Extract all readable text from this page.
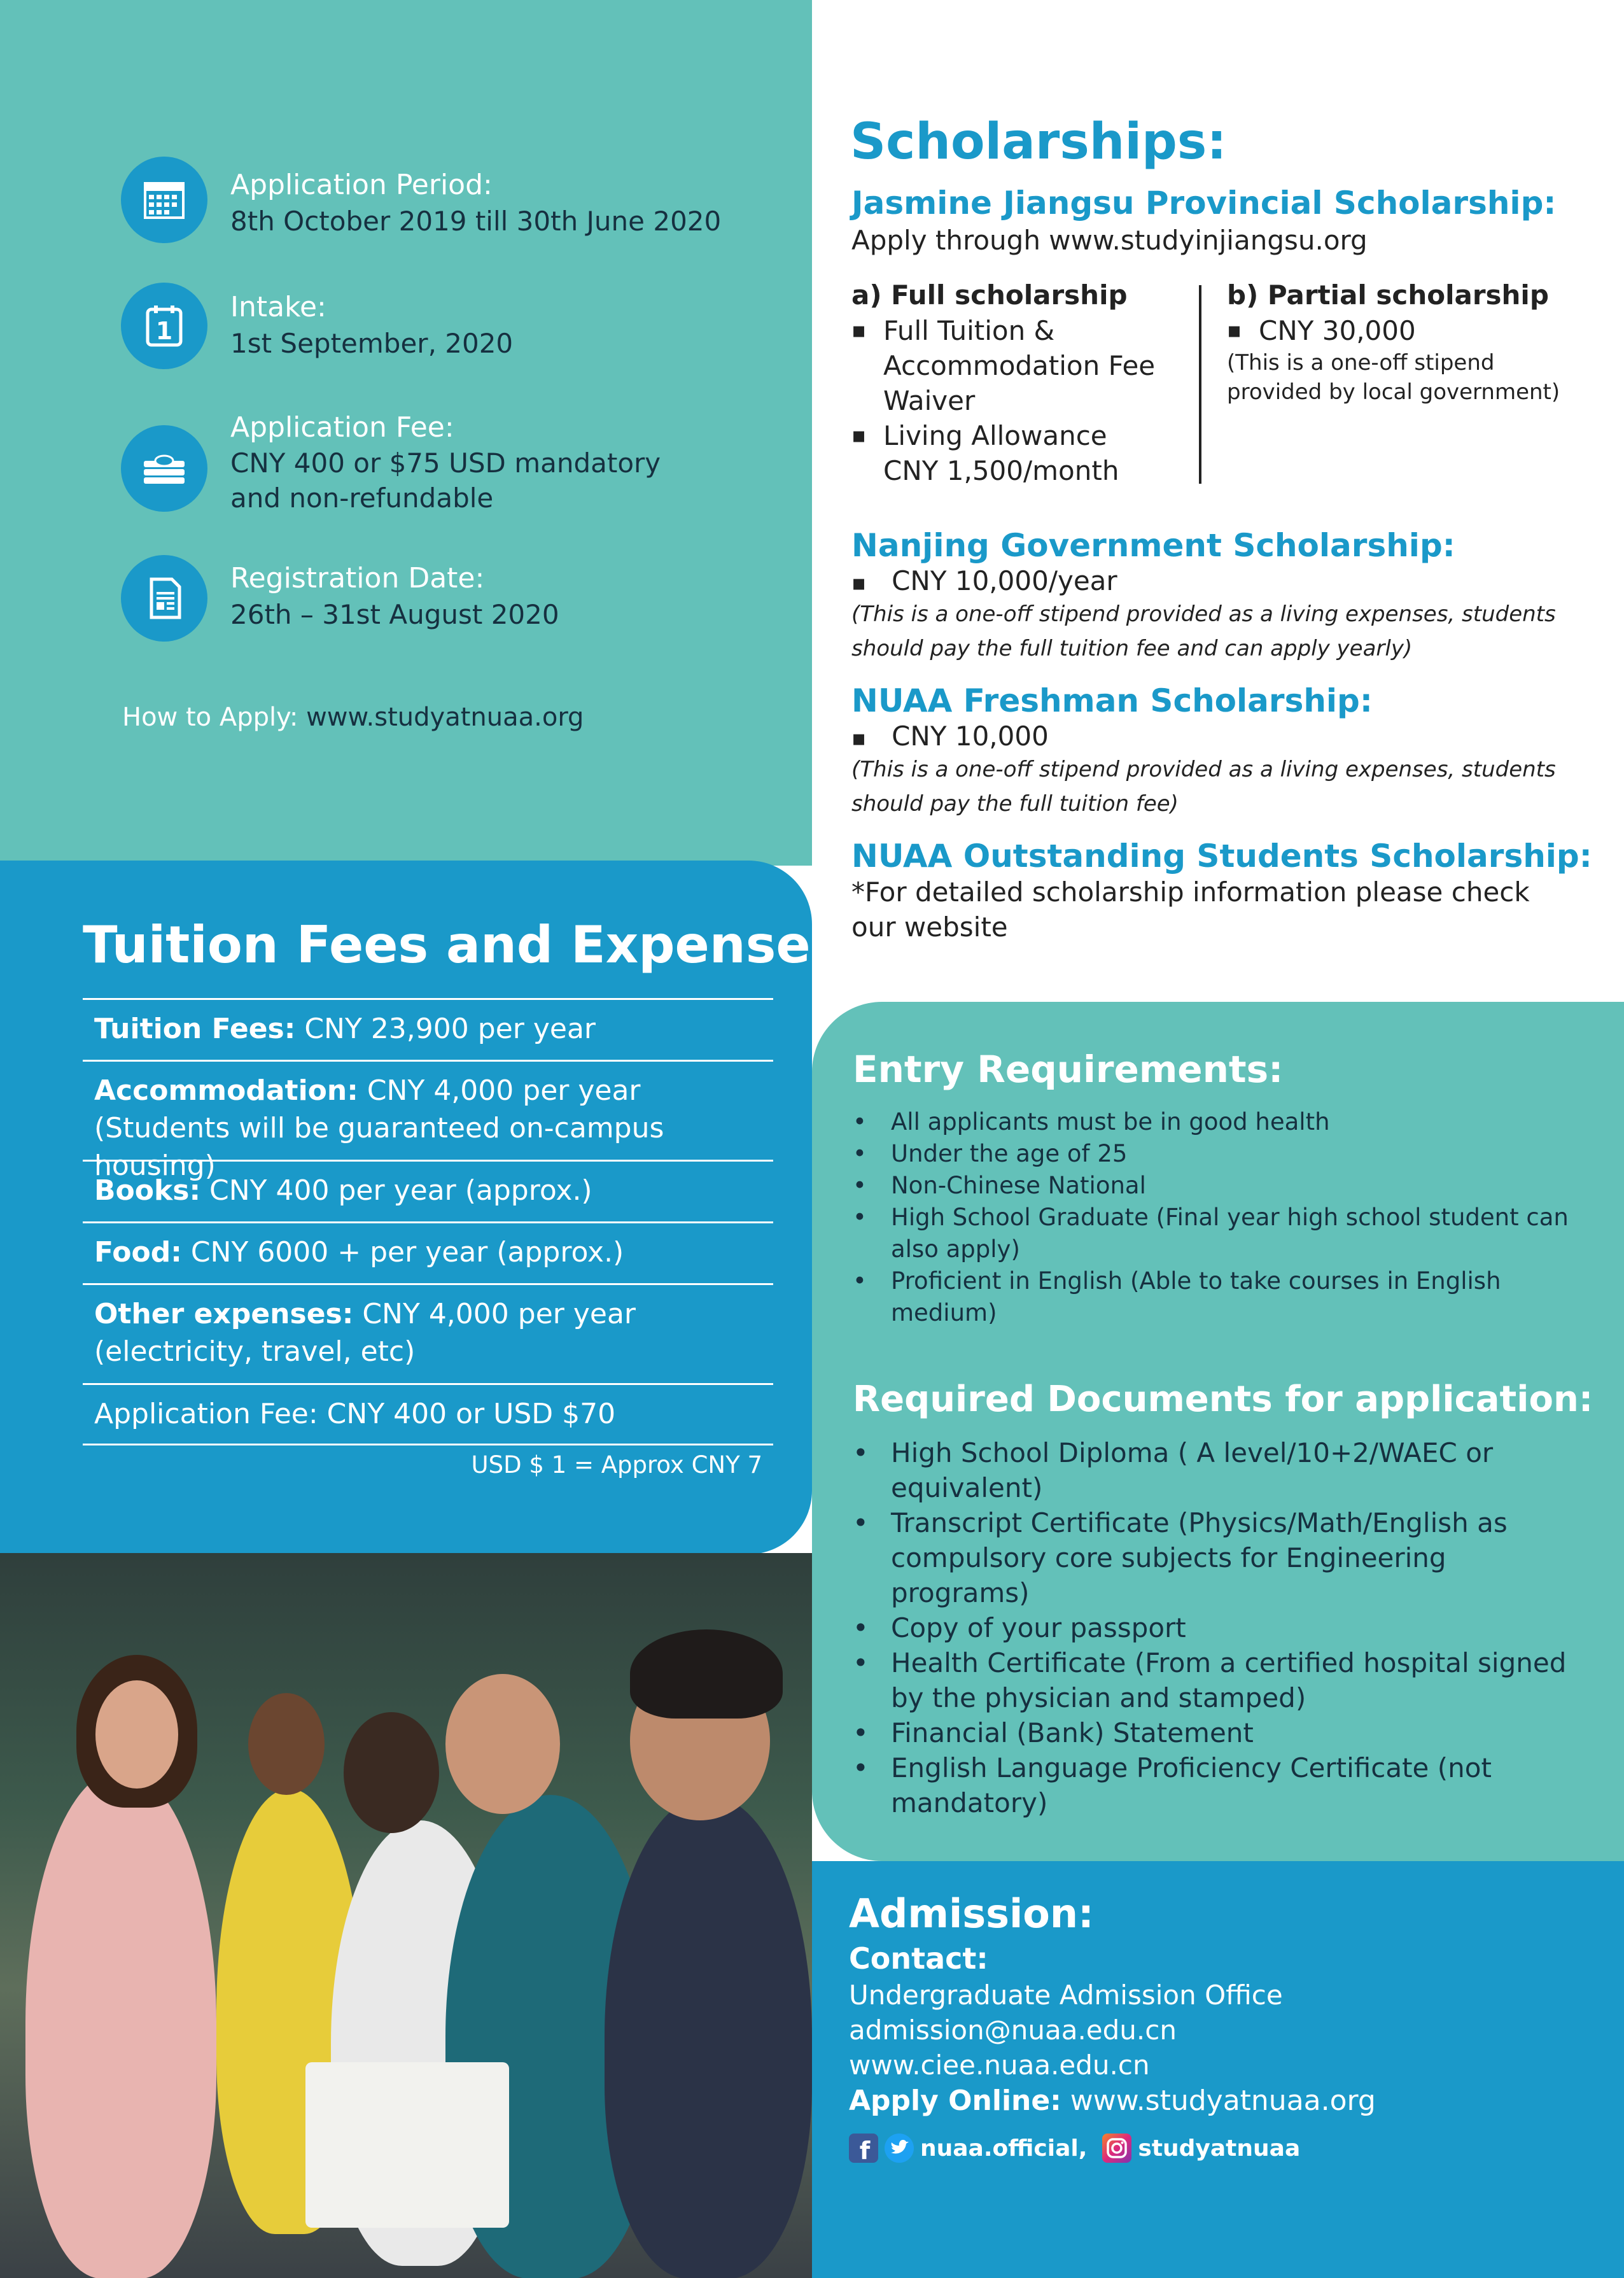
Application Period:
8th October 2019 till 30th June 2020
1
Intake:
1st September, 2020
Application Fee:
CNY 400 or $75 USD mandatory
and non-refundable
Registration Date:
26th – 31st August 2020
How to Apply: www.studyatnuaa.org
Tuition Fees and Expenses:
Tuition Fees: CNY 23,900 per year
Accommodation: CNY 4,000 per year (Students will be guaranteed on-campus housing)
Books: CNY 400 per year (approx.)
Food: CNY 6000 + per year (approx.)
Other expenses: CNY 4,000 per year (electricity, travel, etc)
Application Fee: CNY 400 or USD $70
USD $ 1 = Approx CNY 7
Scholarships:
Jasmine Jiangsu Provincial Scholarship:
Apply through www.studyinjiangsu.org
a) Full scholarship
▪ Full Tuition & Accommodation Fee Waiver
▪ Living Allowance CNY 1,500/month
b) Partial scholarship
▪ CNY 30,000
(This is a one-off stipend provided by local government)
Nanjing Government Scholarship:
▪ CNY 10,000/year
(This is a one-off stipend provided as a living expenses, students should pay the full tuition fee and can apply yearly)
NUAA Freshman Scholarship:
▪ CNY 10,000
(This is a one-off stipend provided as a living expenses, students should pay the full tuition fee)
NUAA Outstanding Students Scholarship:
*For detailed scholarship information please check our website
Entry Requirements:
• All applicants must be in good health
• Under the age of 25
• Non-Chinese National
• High School Graduate (Final year high school student can also apply)
• Proficient in English (Able to take courses in English medium)
Required Documents for application:
• High School Diploma ( A level/10+2/WAEC or equivalent)
• Transcript Certificate (Physics/Math/English as compulsory core subjects for Engineering programs)
• Copy of your passport
• Health Certificate (From a certified hospital signed by the physician and stamped)
• Financial (Bank) Statement
• English Language Proficiency Certificate (not mandatory)
Admission:
Contact:
Undergraduate Admission Office
admission@nuaa.edu.cn
www.ciee.nuaa.edu.cn
Apply Online: www.studyatnuaa.org
f nuaa.official, studyatnuaa
